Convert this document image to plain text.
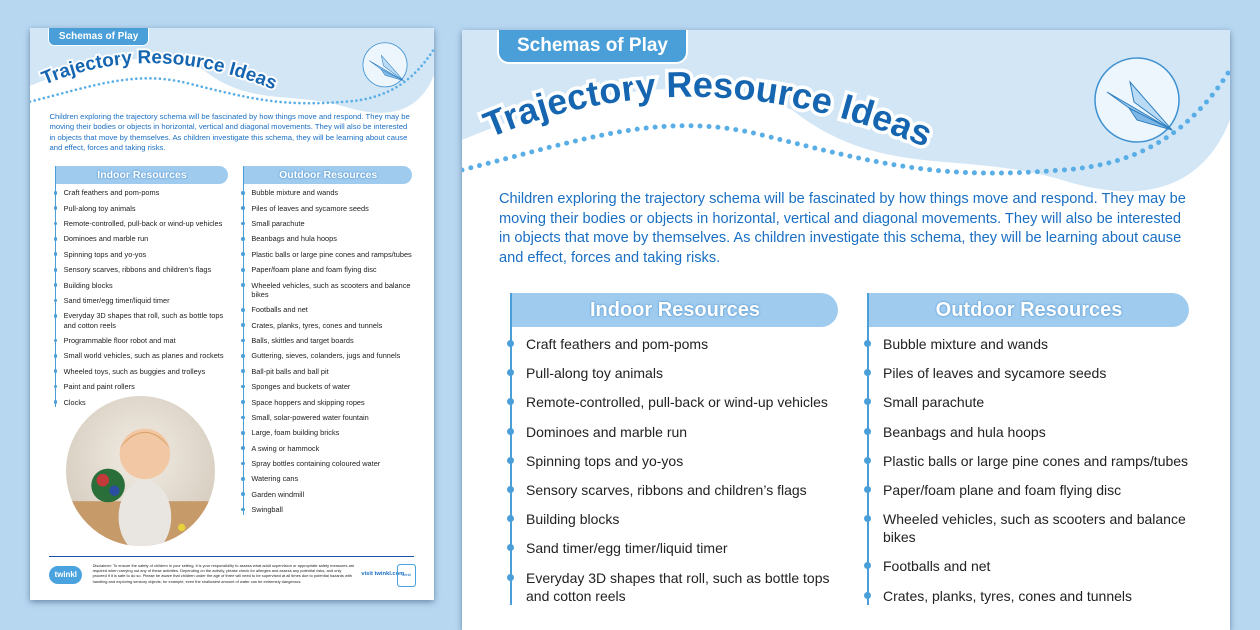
Trajectory Resource Ideas
Schemas of Play
Children exploring the trajectory schema will be fascinated by how things move and respond. They may be moving their bodies or objects in horizontal, vertical and diagonal movements. They will also be interested in objects that move by themselves. As children investigate this schema, they will be learning about cause and effect, forces and taking risks.
Indoor Resources
Craft feathers and pom-poms
Pull-along toy animals
Remote-controlled, pull-back or wind-up vehicles
Dominoes and marble run
Spinning tops and yo-yos
Sensory scarves, ribbons and children’s flags
Building blocks
Sand timer/egg timer/liquid timer
Everyday 3D shapes that roll, such as bottle tops and cotton reels
Programmable floor robot and mat
Small world vehicles, such as planes and rockets
Wheeled toys, such as buggies and trolleys
Paint and paint rollers
Clocks
Outdoor Resources
Bubble mixture and wands
Piles of leaves and sycamore seeds
Small parachute
Beanbags and hula hoops
Plastic balls or large pine cones and ramps/tubes
Paper/foam plane and foam flying disc
Wheeled vehicles, such as scooters and balance bikes
Footballs and net
Crates, planks, tyres, cones and tunnels
Balls, skittles and target boards
Guttering, sieves, colanders, jugs and funnels
Ball-pit balls and ball pit
Sponges and buckets of water
Space hoppers and skipping ropes
Small, solar-powered water fountain
Large, foam building bricks
A swing or hammock
Spray bottles containing coloured water
Watering cans
Garden windmill
Swingball
twinkl
Disclaimer: To ensure the safety of children in your setting, it is your responsibility to assess what adult supervision or appropriate safety measures are required when carrying out any of these activities. Depending on the activity, please check for allergies and assess any potential risks, and only proceed if it is safe to do so. Please be aware that children under the age of three will need to be supervised at all times due to potential hazards with handling and exploring sensory objects; for example, even the shallowest amount of water can be extremely dangerous.
visit twinkl.com
twinkl
Trajectory Resource Ideas
Schemas of Play
Children exploring the trajectory schema will be fascinated by how things move and respond. They may be moving their bodies or objects in horizontal, vertical and diagonal movements. They will also be interested in objects that move by themselves. As children investigate this schema, they will be learning about cause and effect, forces and taking risks.
Indoor Resources
Craft feathers and pom-poms
Pull-along toy animals
Remote-controlled, pull-back or wind-up vehicles
Dominoes and marble run
Spinning tops and yo-yos
Sensory scarves, ribbons and children’s flags
Building blocks
Sand timer/egg timer/liquid timer
Everyday 3D shapes that roll, such as bottle tops and cotton reels
Outdoor Resources
Bubble mixture and wands
Piles of leaves and sycamore seeds
Small parachute
Beanbags and hula hoops
Plastic balls or large pine cones and ramps/tubes
Paper/foam plane and foam flying disc
Wheeled vehicles, such as scooters and balance bikes
Footballs and net
Crates, planks, tyres, cones and tunnels
